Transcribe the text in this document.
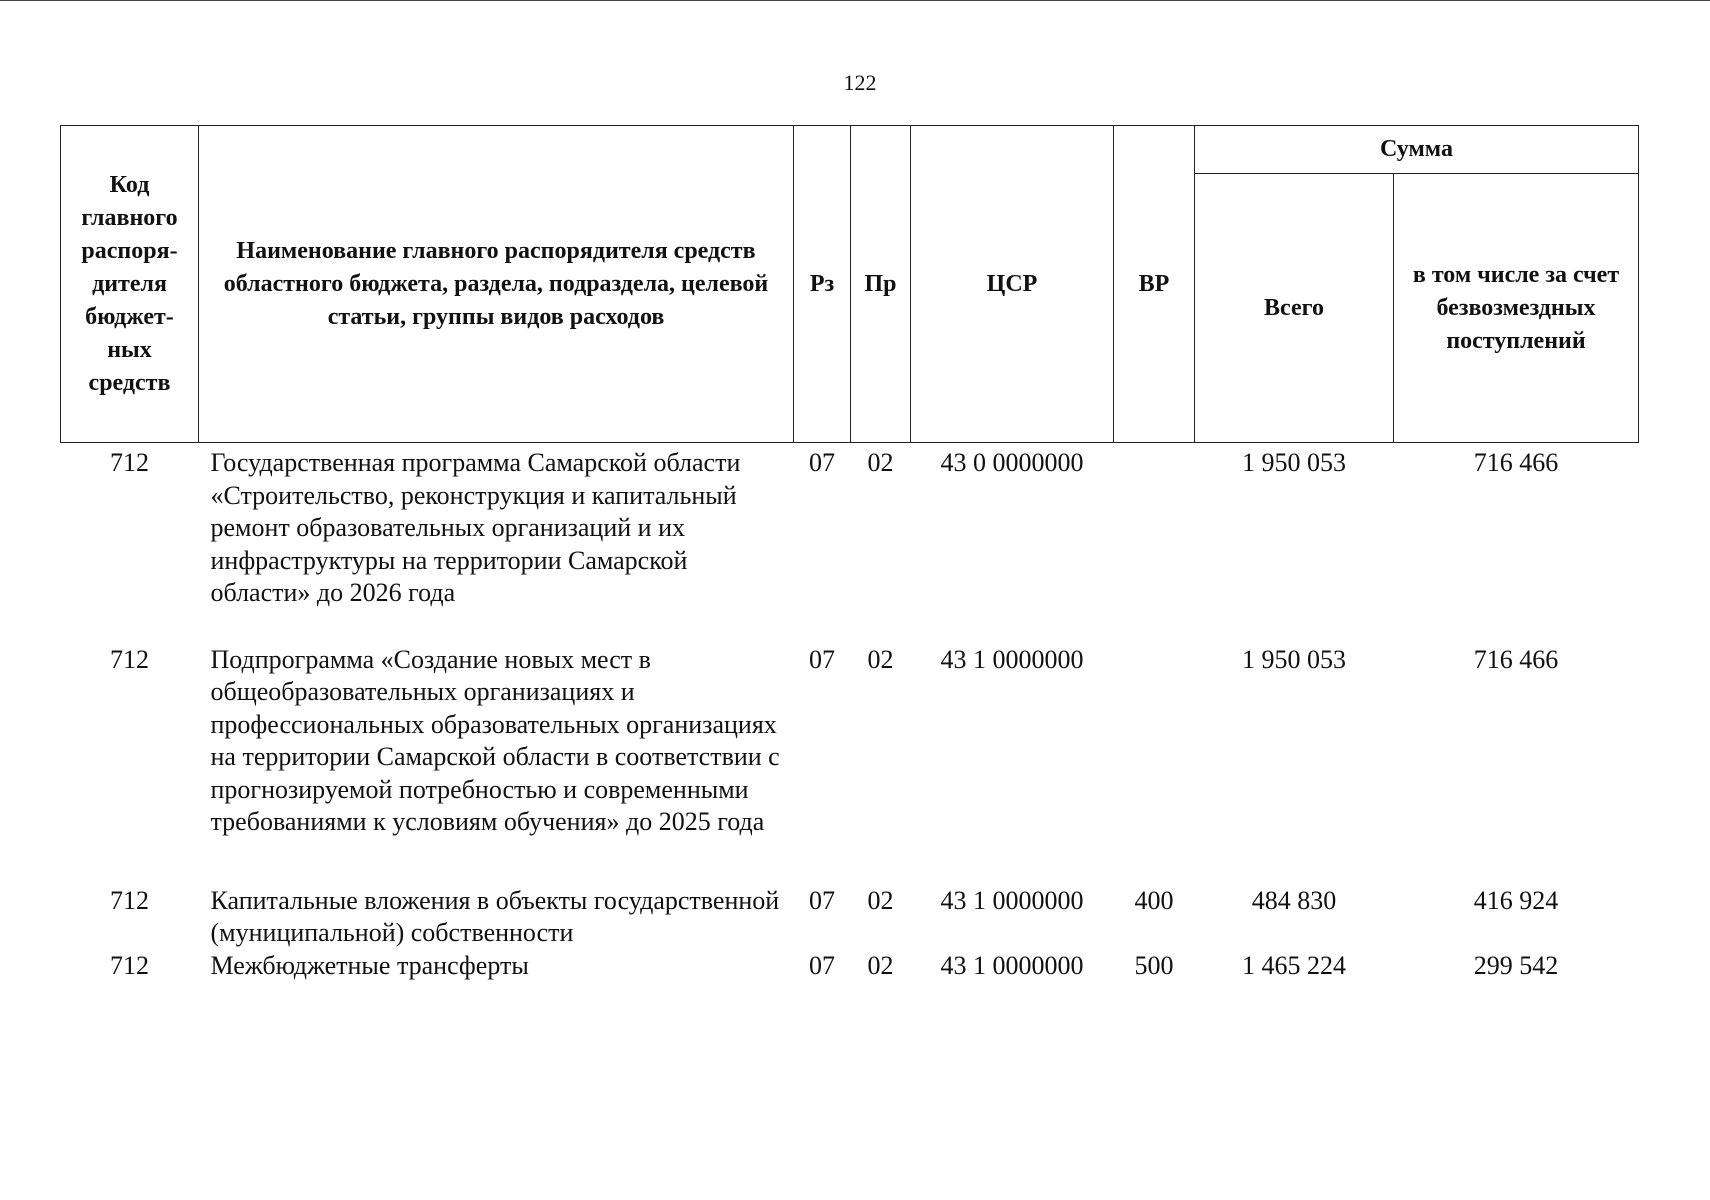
122
Код главного распоря- дителя бюджет- ных средств	Наименование главного распорядителя средств областного бюджета, раздела, подраздела, целевой статьи, группы видов расходов	Рз	Пр	ЦСР	ВР	Сумма	
						Всего	в том числе за счет безвозмездных поступлений
712	Государственная программа Самарской области «Строительство, реконструкция и капитальный ремонт образовательных организаций и их инфраструктуры на территории Самарской области» до 2026 года	07	02	43 0 0000000		1 950 053	716 466
712	Подпрограмма «Создание новых мест в общеобразовательных организациях и профессиональных образовательных организациях на территории Самарской области в соответствии с прогнозируемой потребностью и современными требованиями к условиям обучения» до 2025 года	07	02	43 1 0000000		1 950 053	716 466
712	Капитальные вложения в объекты государственной (муниципальной) собственности	07	02	43 1 0000000	400	484 830	416 924
712	Межбюджетные трансферты	07	02	43 1 0000000	500	1 465 224	299 542
